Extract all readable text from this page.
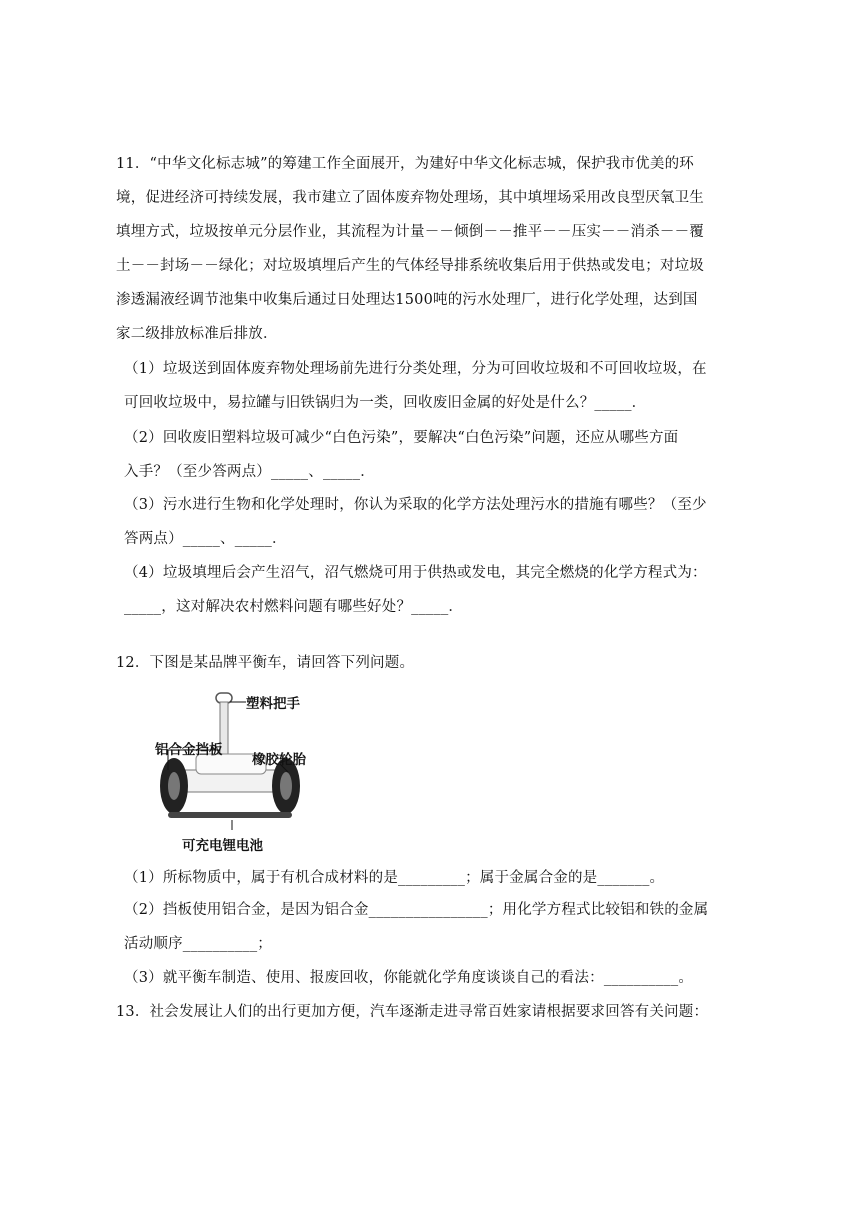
11．“中华文化标志城”的筹建工作全面展开，为建好中华文化标志城，保护我市优美的环
境，促进经济可持续发展，我市建立了固体废弃物处理场，其中填埋场采用改良型厌氧卫生
填埋方式，垃圾按单元分层作业，其流程为计量－－倾倒－－推平－－压实－－消杀－－覆
土－－封场－－绿化；对垃圾填埋后产生的气体经导排系统收集后用于供热或发电；对垃圾
渗透漏液经调节池集中收集后通过日处理达1500吨的污水处理厂，进行化学处理，达到国
家二级排放标准后排放．
（1）垃圾送到固体废弃物处理场前先进行分类处理，分为可回收垃圾和不可回收垃圾，在
可回收垃圾中，易拉罐与旧铁锅归为一类，回收废旧金属的好处是什么？_____．
（2）回收废旧塑料垃圾可减少“白色污染”，要解决“白色污染”问题，还应从哪些方面
入手？（至少答两点）_____、_____．
（3）污水进行生物和化学处理时，你认为采取的化学方法处理污水的措施有哪些？（至少
答两点）_____、_____．
（4）垃圾填埋后会产生沼气，沼气燃烧可用于供热或发电，其完全燃烧的化学方程式为：
_____，这对解决农村燃料问题有哪些好处？_____．
12．下图是某品牌平衡车，请回答下列问题。
塑料把手
铝合金挡板
橡胶轮胎
可充电锂电池
（1）所标物质中，属于有机合成材料的是_________；属于金属合金的是_______。
（2）挡板使用铝合金，是因为铝合金________________；用化学方程式比较铝和铁的金属
活动顺序__________；
（3）就平衡车制造、使用、报废回收，你能就化学角度谈谈自己的看法：__________。
13．社会发展让人们的出行更加方便，汽车逐渐走进寻常百姓家请根据要求回答有关问题：
